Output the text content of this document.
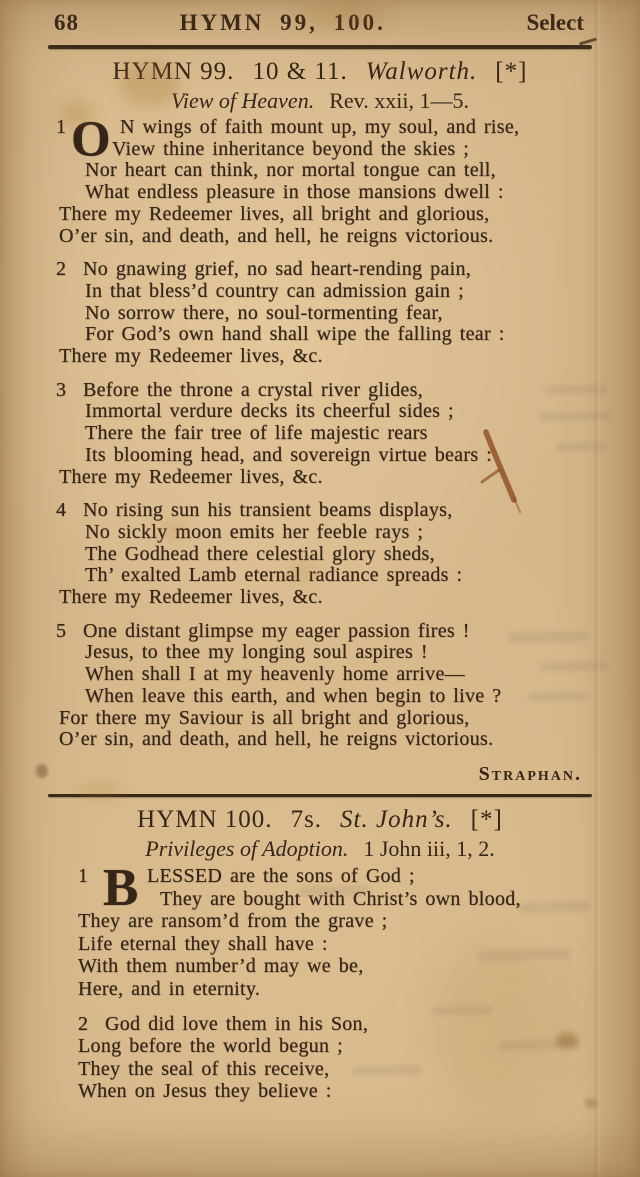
68	HYMN 99, 100.	Select
HYMN 99. 10 & 11. Walworth. [*]
View of Heaven. Rev. xxii, 1—5.
O
1	N wings of faith mount up, my soul, and rise,
View thine inheritance beyond the skies ;
Nor heart can think, nor mortal tongue can tell,
What endless pleasure in those mansions dwell :
There my Redeemer lives, all bright and glorious,
O’er sin, and death, and hell, he reigns victorious.
2 No gnawing grief, no sad heart-rending pain,
In that bless’d country can admission gain ;
No sorrow there, no soul-tormenting fear,
For God’s own hand shall wipe the falling tear :
There my Redeemer lives, &c.
3 Before the throne a crystal river glides,
Immortal verdure decks its cheerful sides ;
There the fair tree of life majestic rears
Its blooming head, and sovereign virtue bears :
There my Redeemer lives, &c.
4 No rising sun his transient beams displays,
No sickly moon emits her feeble rays ;
The Godhead there celestial glory sheds,
Th’ exalted Lamb eternal radiance spreads :
There my Redeemer lives, &c.
5 One distant glimpse my eager passion fires !
Jesus, to thee my longing soul aspires !
When shall I at my heavenly home arrive—
When leave this earth, and when begin to live ?
For there my Saviour is all bright and glorious,
O’er sin, and death, and hell, he reigns victorious.
Straphan.
HYMN 100. 7s. St. John’s. [*]
Privileges of Adoption. 1 John iii, 1, 2.
B
1	LESSED are the sons of God ;
They are bought with Christ’s own blood,
They are ransom’d from the grave ;
Life eternal they shall have :
With them number’d may we be,
Here, and in eternity.
2 God did love them in his Son,
Long before the world begun ;
They the seal of this receive,
When on Jesus they believe :
